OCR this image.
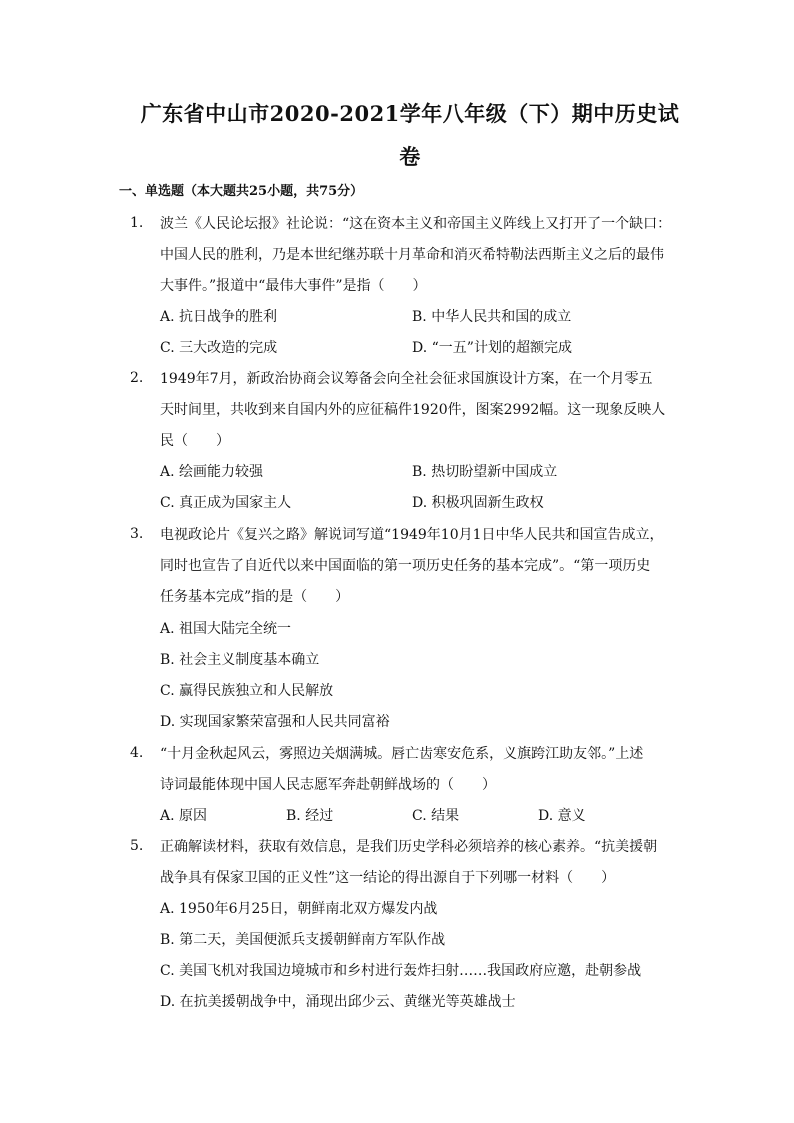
广东省中山市2020-2021学年八年级（下）期中历史试
卷

一、单选题（本大题共25小题，共75分）

1. 波兰《人民论坛报》社论说：“这在资本主义和帝国主义阵线上又打开了一个缺口：

中国人民的胜利，乃是本世纪继苏联十月革命和消灭希特勒法西斯主义之后的最伟

大事件。”报道中“最伟大事件”是指（　　）

A. 抗日战争的胜利	B. 中华人民共和国的成立
C. 三大改造的完成	D. “一五”计划的超额完成
2. 1949年7月，新政治协商会议筹备会向全社会征求国旗设计方案，在一个月零五

天时间里，共收到来自国内外的应征稿件1920件，图案2992幅。这一现象反映人

民（　　）

A. 绘画能力较强	B. 热切盼望新中国成立
C. 真正成为国家主人	D. 积极巩固新生政权
3. 电视政论片《复兴之路》解说词写道“1949年10月1日中华人民共和国宣告成立，

同时也宣告了自近代以来中国面临的第一项历史任务的基本完成”。“第一项历史

任务基本完成”指的是（　　）

A. 祖国大陆完全统一
B. 社会主义制度基本确立
C. 赢得民族独立和人民解放
D. 实现国家繁荣富强和人民共同富裕
4. “十月金秋起风云，雾照边关烟满城。唇亡齿寒安危系，义旗跨江助友邻。”上述

诗词最能体现中国人民志愿军奔赴朝鲜战场的（　　）

A. 原因	B. 经过	C. 结果	D. 意义
5. 正确解读材料，获取有效信息，是我们历史学科必须培养的核心素养。“抗美援朝

战争具有保家卫国的正义性”这一结论的得出源自于下列哪一材料（　　）

A. 1950年6月25日，朝鲜南北双方爆发内战
B. 第二天，美国便派兵支援朝鲜南方军队作战
C. 美国飞机对我国边境城市和乡村进行轰炸扫射……我国政府应邀，赴朝参战
D. 在抗美援朝战争中，涌现出邱少云、黄继光等英雄战士
